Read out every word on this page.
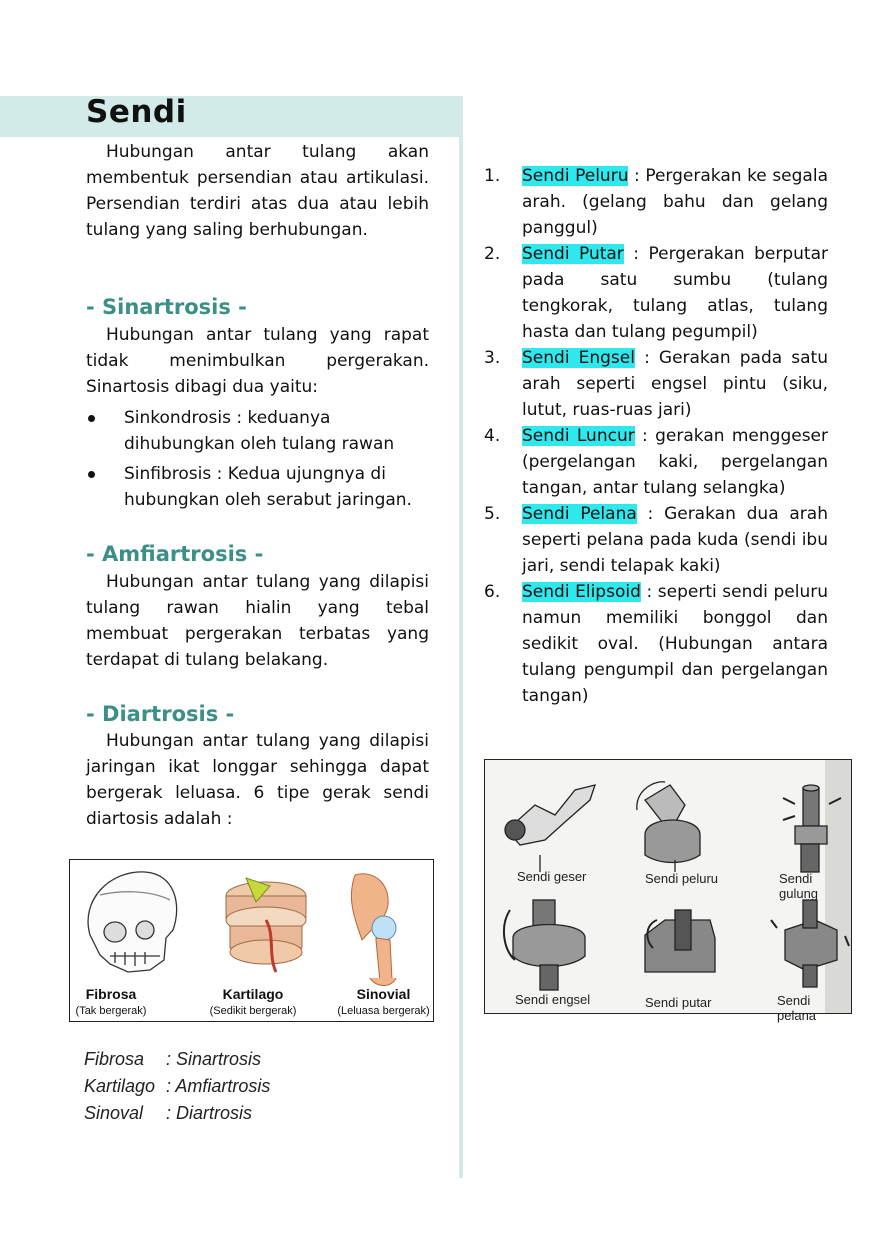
Sendi
Hubungan antar tulang akan membentuk persendian atau artikulasi. Persendian terdiri atas dua atau lebih tulang yang saling berhubungan.
- Sinartrosis -
Hubungan antar tulang yang rapat tidak menimbulkan pergerakan. Sinartosis dibagi dua yaitu:
Sinkondrosis : keduanya dihubungkan oleh tulang rawan
Sinfibrosis : Kedua ujungnya di hubungkan oleh serabut jaringan.
- Amfiartrosis -
Hubungan antar tulang yang dilapisi tulang rawan hialin yang tebal membuat pergerakan terbatas yang terdapat di tulang belakang.
- Diartrosis -
Hubungan antar tulang yang dilapisi jaringan ikat longgar sehingga dapat bergerak leluasa. 6 tipe gerak sendi diartosis adalah :
1. Sendi Peluru : Pergerakan ke segala arah. (gelang bahu dan gelang panggul)
2. Sendi Putar : Pergerakan berputar pada satu sumbu (tulang tengkorak, tulang atlas, tulang hasta dan tulang pegumpil)
3. Sendi Engsel : Gerakan pada satu arah seperti engsel pintu (siku, lutut, ruas-ruas jari)
4. Sendi Luncur : gerakan menggeser (pergelangan kaki, pergelangan tangan, antar tulang selangka)
5. Sendi Pelana : Gerakan dua arah seperti pelana pada kuda (sendi ibu jari, sendi telapak kaki)
6. Sendi Elipsoid : seperti sendi peluru namun memiliki bonggol dan sedikit oval. (Hubungan antara tulang pengumpil dan pergelangan tangan)
Fibrosa
(Tak bergerak)
Kartilago
(Sedikit bergerak)
Sinovial
(Leluasa bergerak)
Fibrosa : Sinartrosis
Kartilago : Amfiartrosis
Sinoval : Diartrosis
Sendi geser	Sendi peluru	Sendi gulung
Sendi engsel	Sendi putar	Sendi pelana
